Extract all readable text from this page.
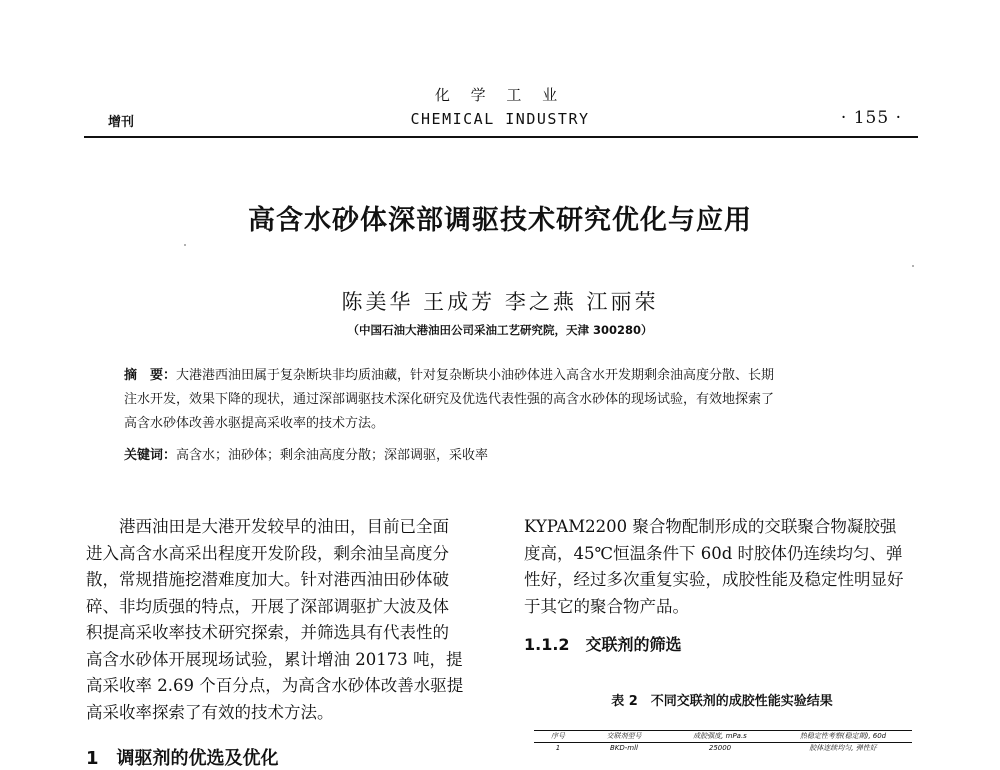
化 学 工 业
增刊	CHEMICAL INDUSTRY	· 155 ·
高含水砂体深部调驱技术研究优化与应用
陈美华 王成芳 李之燕 江丽荣
（中国石油大港油田公司采油工艺研究院，天津 300280）

摘　要：大港港西油田属于复杂断块非均质油藏，针对复杂断块小油砂体进入高含水开发期剩余油高度分散、长期

注水开发，效果下降的现状，通过深部调驱技术深化研究及优选代表性强的高含水砂体的现场试验，有效地探索了

高含水砂体改善水驱提高采收率的技术方法。

关键词：高含水；油砂体；剩余油高度分散；深部调驱，采收率

港西油田是大港开发较早的油田，目前已全面
进入高含水高采出程度开发阶段，剩余油呈高度分
散，常规措施挖潜难度加大。针对港西油田砂体破
碎、非均质强的特点，开展了深部调驱扩大波及体
积提高采收率技术研究探索，并筛选具有代表性的
高含水砂体开展现场试验，累计增油 20173 吨，提
高采收率 2.69 个百分点，为高含水砂体改善水驱提
高采收率探索了有效的技术方法。

1　调驱剂的优选及优化

KYPAM2200 聚合物配制形成的交联聚合物凝胶强
度高，45℃恒温条件下 60d 时胶体仍连续均匀、弹
性好，经过多次重复实验，成胶性能及稳定性明显好
于其它的聚合物产品。

1.1.2　交联剂的筛选
表 2　不同交联剂的成胶性能实验结果
序号	交联剂型号	成胶强度, mPa.s	热稳定性考察(稳定期), 60d
1	BKD-mll	25000	胶体连续均匀, 弹性好
